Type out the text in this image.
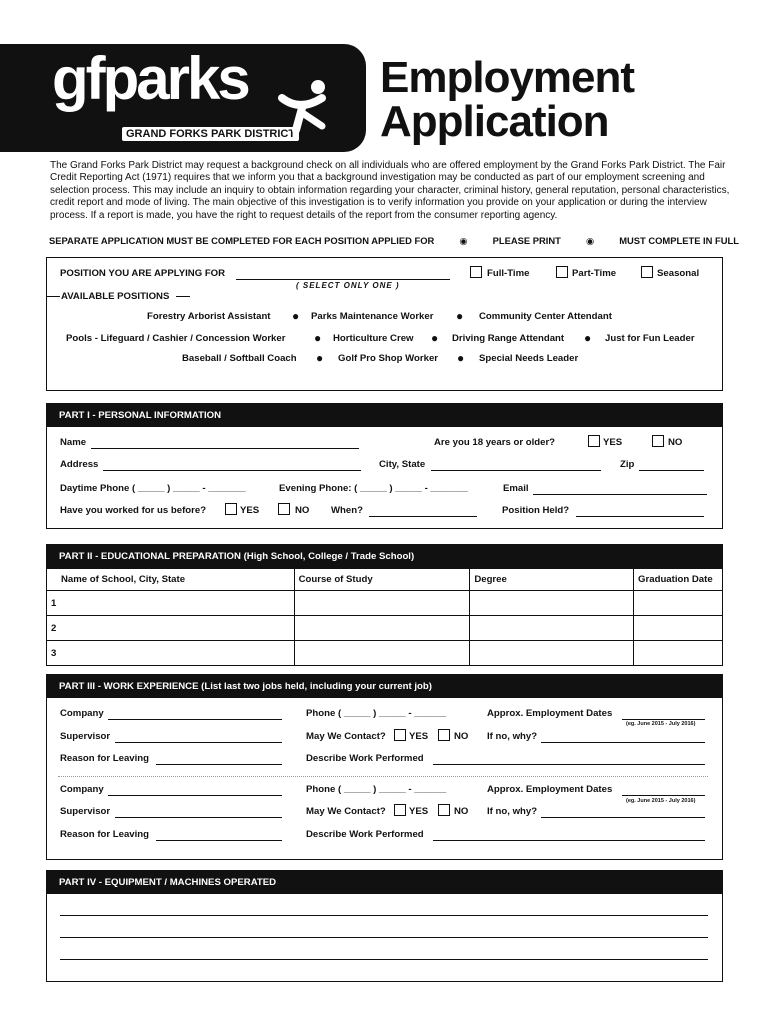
gfparks
GRAND FORKS PARK DISTRICT
Employment
Application

The Grand Forks Park District may request a background check on all individuals who are offered employment by the Grand Forks Park District. The Fair Credit Reporting Act (1971) requires that we inform you that a background investigation may be conducted as part of our employment screening and selection process. This may include an inquiry to obtain information regarding your character, criminal history, general reputation, personal characteristics, credit report and mode of living. The main objective of this investigation is to verify information you provide on your application or during the interview process. If a report is made, you have the right to request details of the report from the consumer reporting agency.

SEPARATE APPLICATION MUST BE COMPLETED FOR EACH POSITION APPLIED FOR	◉	PLEASE PRINT	◉	MUST COMPLETE IN FULL
POSITION YOU ARE APPLYING FOR
( SELECT ONLY ONE )
Full-Time	Part-Time	Seasonal
AVAILABLE POSITIONS
Forestry Arborist Assistant ● Parks Maintenance Worker ● Community Center Attendant
Pools - Lifeguard / Cashier / Concession Worker ● Horticulture Crew ● Driving Range Attendant ● Just for Fun Leader
Baseball / Softball Coach ● Golf Pro Shop Worker ● Special Needs Leader
PART I - PERSONAL INFORMATION
Name	Are you 18 years or older?	YES	NO
Address	City, State	Zip
Daytime Phone ( _____ ) _____ - _______	Evening Phone: ( _____ ) _____ - _______	Email
Have you worked for us before?	YES	NO When?	Position Held?
PART II - EDUCATIONAL PREPARATION (High School, College / Trade School)
Name of School, City, State	Course of Study	Degree	Graduation Date
1			
2			
3			
PART III - WORK EXPERIENCE (List last two jobs held, including your current job)
Company	Phone ( _____ ) _____ - ______	Approx. Employment Dates
(eg. June 2015 - July 2016)
Supervisor	May We Contact? YES	NO If no, why?
Reason for Leaving	Describe Work Performed
Company	Phone ( _____ ) _____ - ______	Approx. Employment Dates
(eg. June 2015 - July 2016)
Supervisor	May We Contact? YES	NO If no, why?
Reason for Leaving	Describe Work Performed
PART IV - EQUIPMENT / MACHINES OPERATED
